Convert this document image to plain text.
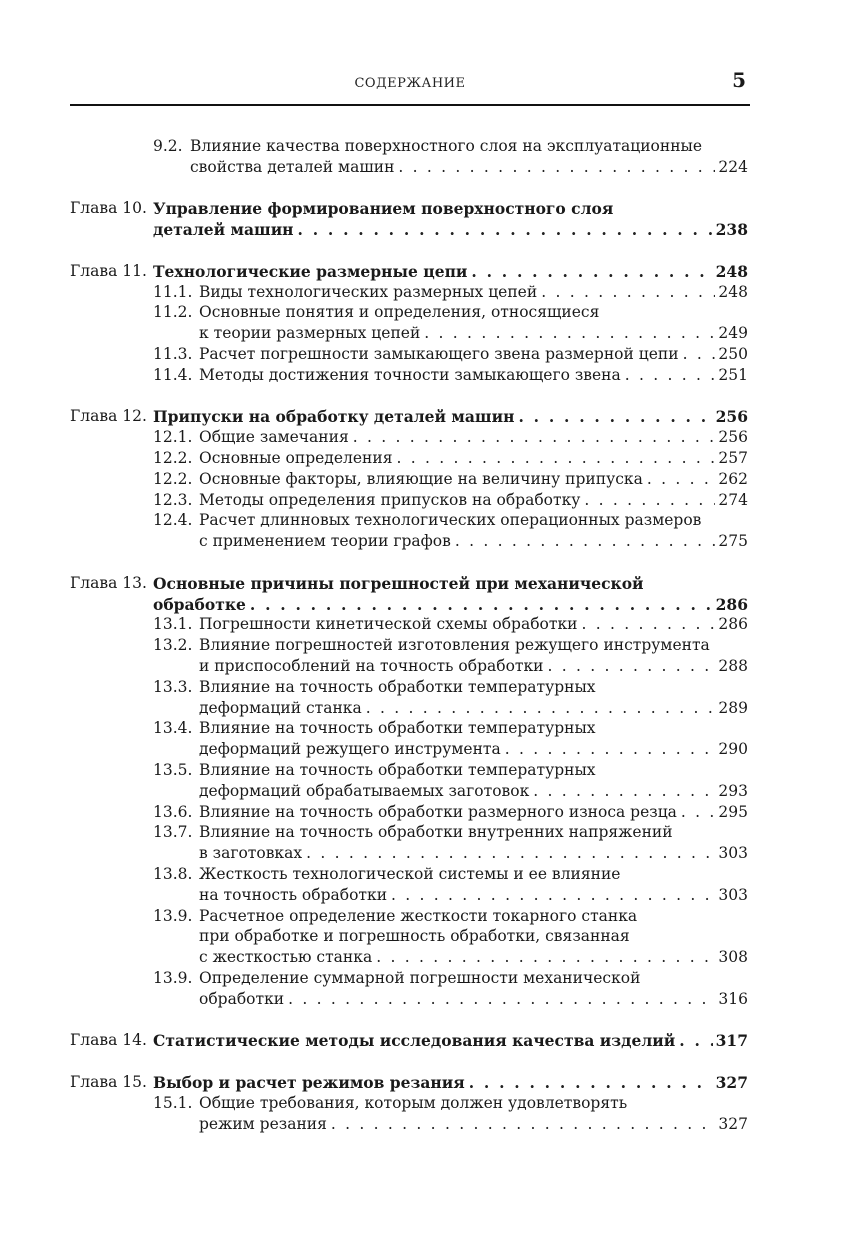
СОДЕРЖАНИЕ	5
9.2. Влияние качества поверхностного слоя на эксплуатационные
свойства деталей машин . . .	224
Глава 10. Управление формированием поверхностного слоя
деталей машин . . .	238
Глава 11. Технологические размерные цепи . . .	248
11.1. Виды технологических размерных цепей . . .	248
11.2. Основные понятия и определения, относящиеся
к теории размерных цепей . . .	249
11.3. Расчет погрешности замыкающего звена размерной цепи . . .	250
11.4. Методы достижения точности замыкающего звена . . .	251
Глава 12. Припуски на обработку деталей машин . . .	256
12.1. Общие замечания . . .	256
12.2. Основные определения . . .	257
12.2. Основные факторы, влияющие на величину припуска . . .	262
12.3. Методы определения припусков на обработку . . .	274
12.4. Расчет длинновых технологических операционных размеров
с применением теории графов . . .	275
Глава 13. Основные причины погрешностей при механической
обработке . . .	286
13.1. Погрешности кинетической схемы обработки . . .	286
13.2. Влияние погрешностей изготовления режущего инструмента
и приспособлений на точность обработки . . .	288
13.3. Влияние на точность обработки температурных
деформаций станка . . .	289
13.4. Влияние на точность обработки температурных
деформаций режущего инструмента . . .	290
13.5. Влияние на точность обработки температурных
деформаций обрабатываемых заготовок . . .	293
13.6. Влияние на точность обработки размерного износа резца . . .	295
13.7. Влияние на точность обработки внутренних напряжений
в заготовках . . .	303
13.8. Жесткость технологической системы и ее влияние
на точность обработки . . .	303
13.9. Расчетное определение жесткости токарного станка
при обработке и погрешность обработки, связанная
с жесткостью станка . . .	308
13.9. Определение суммарной погрешности механической
обработки . . .	316
Глава 14. Статистические методы исследования качества изделий . . .	317
Глава 15. Выбор и расчет режимов резания . . .	327
15.1. Общие требования, которым должен удовлетворять
режим резания . . .	327
